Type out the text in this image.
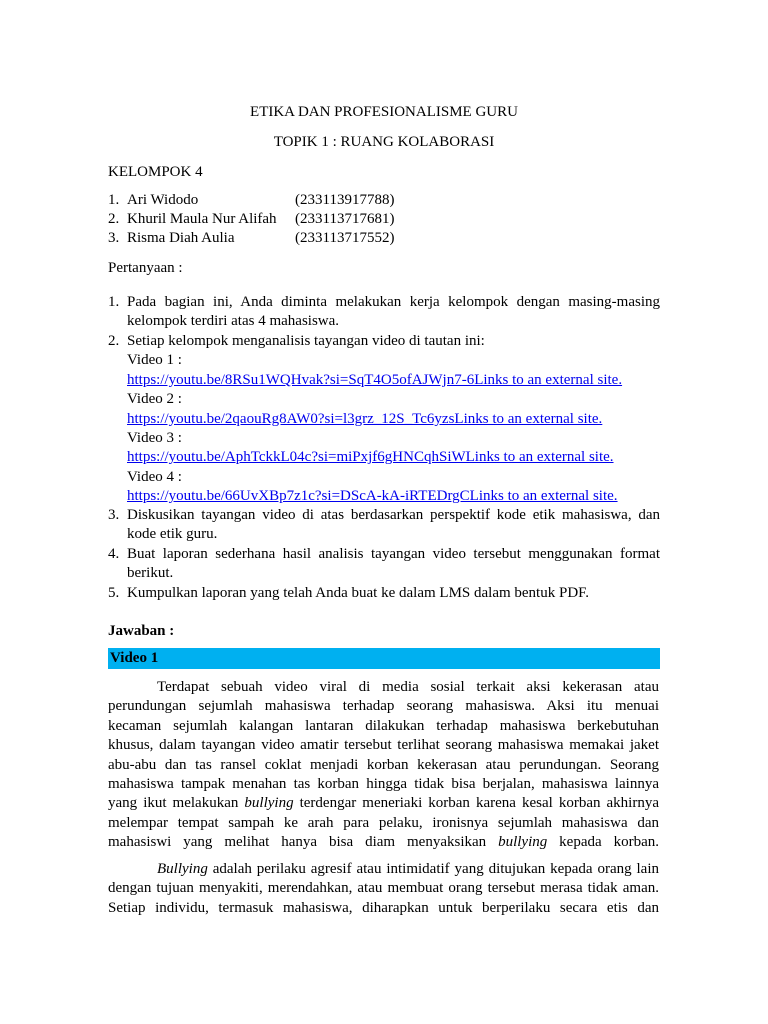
ETIKA DAN PROFESIONALISME GURU
TOPIK 1 : RUANG KOLABORASI
KELOMPOK 4
1. Ari Widodo	(233113917788)
2. Khuril Maula Nur Alifah (233113717681)
3. Risma Diah Aulia	(233113717552)
Pertanyaan :
1. Pada bagian ini, Anda diminta melakukan kerja kelompok dengan masing-masing
kelompok terdiri atas 4 mahasiswa.
2. Setiap kelompok menganalisis tayangan video di tautan ini:
Video 1 :
https://youtu.be/8RSu1WQHvak?si=SqT4O5ofAJWjn7-6Links to an external site.
Video 2 :
https://youtu.be/2qaouRg8AW0?si=l3grz_12S_Tc6yzsLinks to an external site.
Video 3 :
https://youtu.be/AphTckkL04c?si=miPxjf6gHNCqhSiWLinks to an external site.
Video 4 :
https://youtu.be/66UvXBp7z1c?si=DScA-kA-iRTEDrgCLinks to an external site.
3. Diskusikan tayangan video di atas berdasarkan perspektif kode etik mahasiswa, dan
kode etik guru.
4. Buat laporan sederhana hasil analisis tayangan video tersebut menggunakan format
berikut.
5. Kumpulkan laporan yang telah Anda buat ke dalam LMS dalam bentuk PDF.
Jawaban :
Video 1
Terdapat sebuah video viral di media sosial terkait aksi kekerasan atau
perundungan sejumlah mahasiswa terhadap seorang mahasiswa. Aksi itu menuai
kecaman sejumlah kalangan lantaran dilakukan terhadap mahasiswa berkebutuhan
khusus, dalam tayangan video amatir tersebut terlihat seorang mahasiswa memakai jaket
abu-abu dan tas ransel coklat menjadi korban kekerasan atau perundungan. Seorang
mahasiswa tampak menahan tas korban hingga tidak bisa berjalan, mahasiswa lainnya
yang ikut melakukan bullying terdengar meneriaki korban karena kesal korban akhirnya
melempar tempat sampah ke arah para pelaku, ironisnya sejumlah mahasiswa dan
mahasiswi yang melihat hanya bisa diam menyaksikan bullying kepada korban.
Bullying adalah perilaku agresif atau intimidatif yang ditujukan kepada orang lain
dengan tujuan menyakiti, merendahkan, atau membuat orang tersebut merasa tidak aman.
Setiap individu, termasuk mahasiswa, diharapkan untuk berperilaku secara etis dan
